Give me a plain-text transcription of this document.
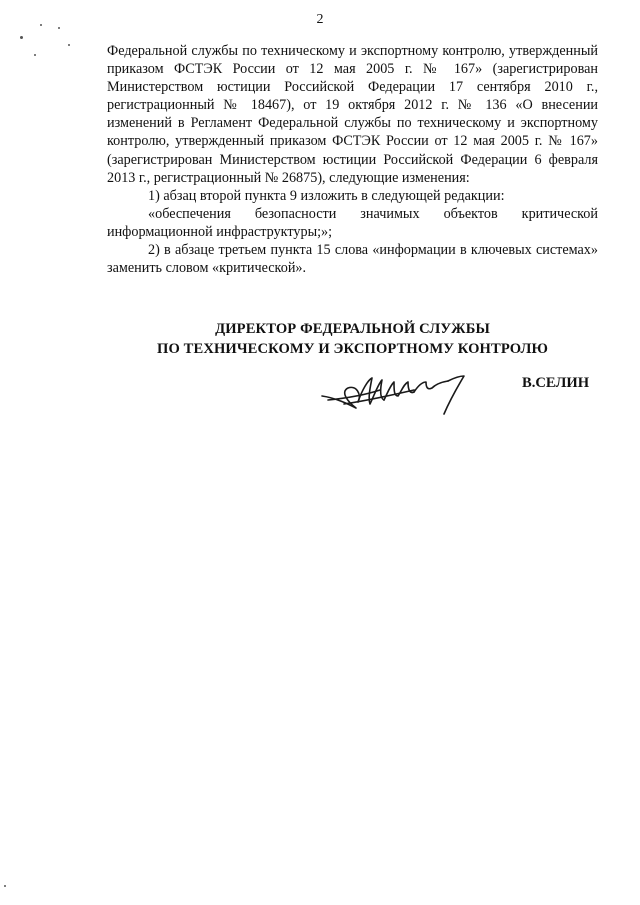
2

Федеральной службы по техническому и экспортному контролю, утвержденный приказом ФСТЭК России от 12 мая 2005 г. № 167» (зарегистрирован Министерством юстиции Российской Федерации 17 сентября 2010 г., регистрационный № 18467), от 19 октября 2012 г. № 136 «О внесении изменений в Регламент Федеральной службы по техническому и экспортному контролю, утвержденный приказом ФСТЭК России от 12 мая 2005 г. № 167» (зарегистрирован Министерством юстиции Российской Федерации 6 февраля 2013 г., регистрационный № 26875), следующие изменения:

1) абзац второй пункта 9 изложить в следующей редакции:

«обеспечения безопасности значимых объектов критической информационной инфраструктуры;»;

2) в абзаце третьем пункта 15 слова «информации в ключевых системах» заменить словом «критической».

ДИРЕКТОР ФЕДЕРАЛЬНОЙ СЛУЖБЫ
ПО ТЕХНИЧЕСКОМУ И ЭКСПОРТНОМУ КОНТРОЛЮ
В.СЕЛИН
